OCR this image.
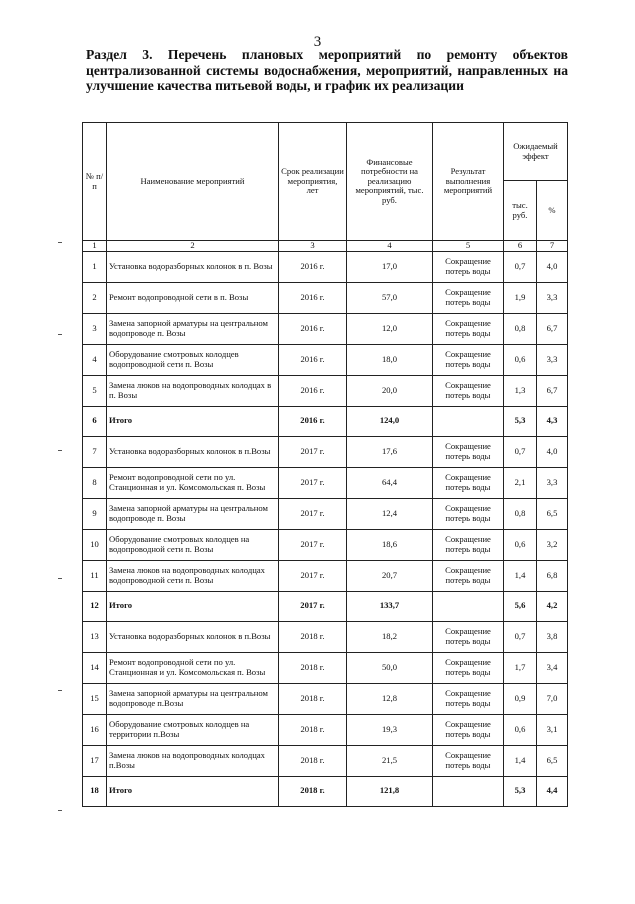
3
Раздел 3. Перечень плановых мероприятий по ремонту объектов централизованной системы водоснабжения, мероприятий, направленных на улучшение качества питьевой воды, и график их реализации
№ п/п	Наименование мероприятий	Срок реализации мероприятия, лет	Финансовые потребности на реализацию мероприятий, тыс. руб.	Результат выполнения мероприятий	Ожидаемый эффект	
					тыс. руб.	%
1	2	3	4	5	6	7
1	Установка водоразборных колонок в п. Возы	2016 г.	17,0	Сокращение потерь воды	0,7	4,0
2	Ремонт водопроводной сети в п. Возы	2016 г.	57,0	Сокращение потерь воды	1,9	3,3
3	Замена запорной арматуры на центральном водопроводе п. Возы	2016 г.	12,0	Сокращение потерь воды	0,8	6,7
4	Оборудование смотровых колодцев водопроводной сети п. Возы	2016 г.	18,0	Сокращение потерь воды	0,6	3,3
5	Замена люков на водопроводных колодцах в п. Возы	2016 г.	20,0	Сокращение потерь воды	1,3	6,7
6	Итого	2016 г.	124,0		5,3	4,3
7	Установка водоразборных колонок в п.Возы	2017 г.	17,6	Сокращение потерь воды	0,7	4,0
8	Ремонт водопроводной сети по ул. Станционная и ул. Комсомольская п. Возы	2017 г.	64,4	Сокращение потерь воды	2,1	3,3
9	Замена запорной арматуры на центральном водопроводе п. Возы	2017 г.	12,4	Сокращение потерь воды	0,8	6,5
10	Оборудование смотровых колодцев на водопроводной сети п. Возы	2017 г.	18,6	Сокращение потерь воды	0,6	3,2
11	Замена люков на водопроводных колодцах водопроводной сети п. Возы	2017 г.	20,7	Сокращение потерь воды	1,4	6,8
12	Итого	2017 г.	133,7		5,6	4,2
13	Установка водоразборных колонок в п.Возы	2018 г.	18,2	Сокращение потерь воды	0,7	3,8
14	Ремонт водопроводной сети по ул. Станционная и ул. Комсомольская п. Возы	2018 г.	50,0	Сокращение потерь воды	1,7	3,4
15	Замена запорной арматуры на центральном водопроводе п.Возы	2018 г.	12,8	Сокращение потерь воды	0,9	7,0
16	Оборудование смотровых колодцев на территории п.Возы	2018 г.	19,3	Сокращение потерь воды	0,6	3,1
17	Замена люков на водопроводных колодцах п.Возы	2018 г.	21,5	Сокращение потерь воды	1,4	6,5
18	Итого	2018 г.	121,8		5,3	4,4
